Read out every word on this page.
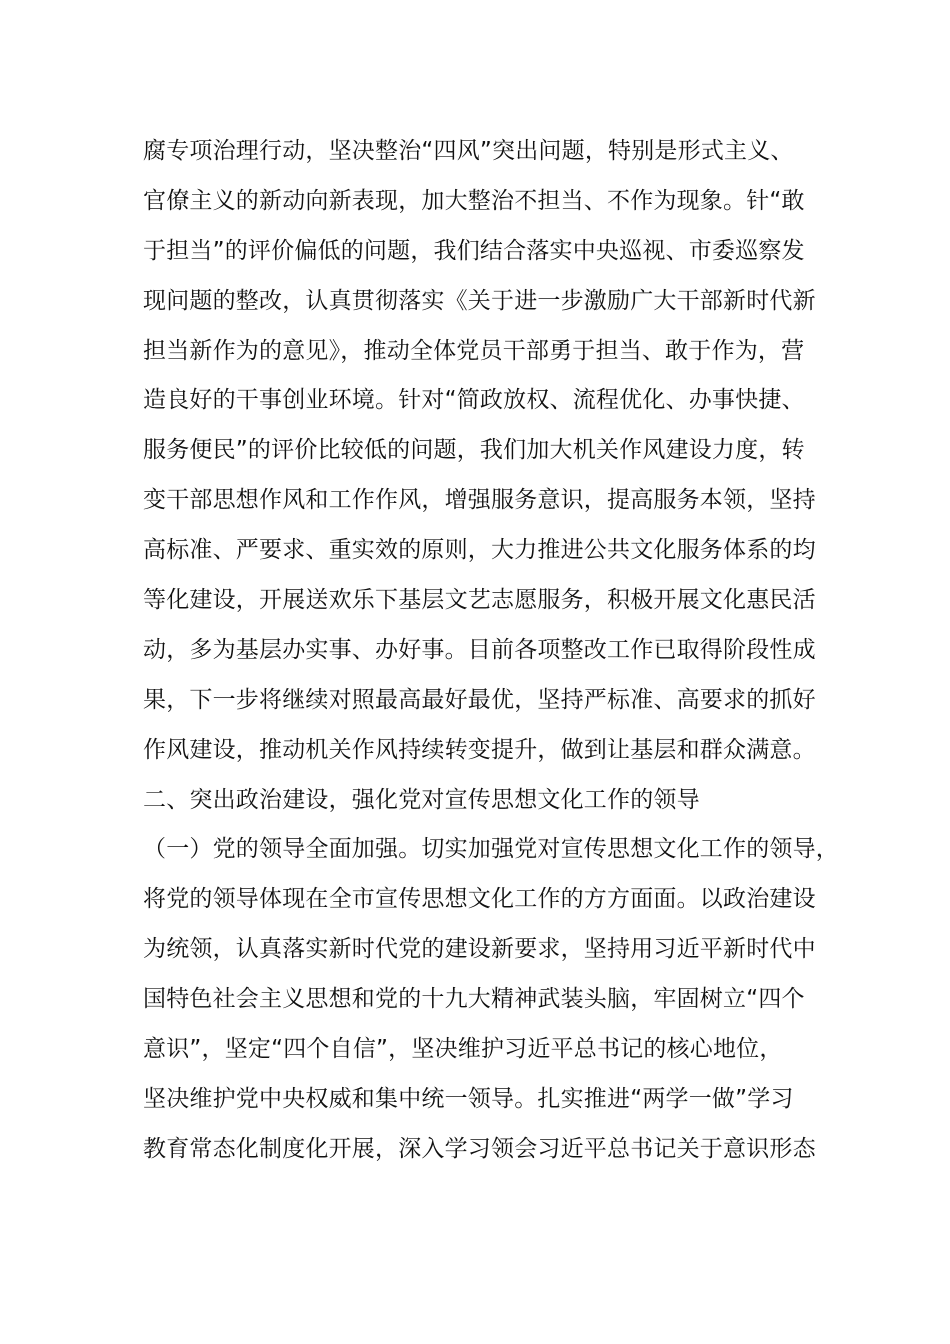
腐专项治理行动，坚决整治“四风”突出问题，特别是形式主义、
官僚主义的新动向新表现，加大整治不担当、不作为现象。针“敢
于担当”的评价偏低的问题，我们结合落实中央巡视、市委巡察发
现问题的整改，认真贯彻落实《关于进一步激励广大干部新时代新
担当新作为的意见》，推动全体党员干部勇于担当、敢于作为，营
造良好的干事创业环境。针对“简政放权、流程优化、办事快捷、
服务便民”的评价比较低的问题，我们加大机关作风建设力度，转
变干部思想作风和工作作风，增强服务意识，提高服务本领，坚持
高标准、严要求、重实效的原则，大力推进公共文化服务体系的均
等化建设，开展送欢乐下基层文艺志愿服务，积极开展文化惠民活
动，多为基层办实事、办好事。目前各项整改工作已取得阶段性成
果，下一步将继续对照最高最好最优，坚持严标准、高要求的抓好
作风建设，推动机关作风持续转变提升，做到让基层和群众满意。
二、突出政治建设，强化党对宣传思想文化工作的领导
（一）党的领导全面加强。切实加强党对宣传思想文化工作的领导，
将党的领导体现在全市宣传思想文化工作的方方面面。以政治建设
为统领，认真落实新时代党的建设新要求，坚持用习近平新时代中
国特色社会主义思想和党的十九大精神武装头脑，牢固树立“四个
意识”，坚定“四个自信”，坚决维护习近平总书记的核心地位，
坚决维护党中央权威和集中统一领导。扎实推进“两学一做”学习
教育常态化制度化开展，深入学习领会习近平总书记关于意识形态
